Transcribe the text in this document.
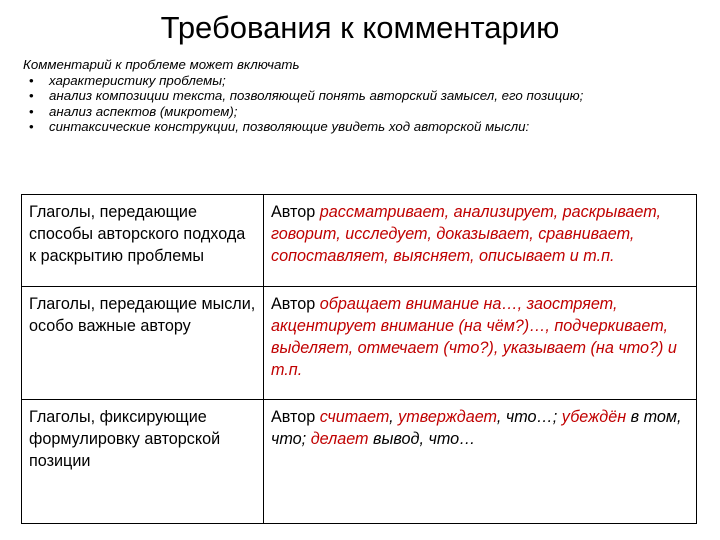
Требования к комментарию
Комментарий к проблеме может включать
• характеристику проблемы;
• анализ композиции текста, позволяющей понять авторский замысел, его позицию;
• анализ аспектов (микротем);
• синтаксические конструкции, позволяющие увидеть ход авторской мысли:
Глаголы, передающие способы авторского подхода к раскрытию проблемы	Автор рассматривает, анализирует, раскрывает, говорит, исследует, доказывает, сравнивает, сопоставляет, выясняет, описывает и т.п.
Глаголы, передающие мысли, особо важные автору	Автор обращает внимание на…, заостряет, акцентирует внимание (на чём?)…, подчеркивает, выделяет, отмечает (что?), указывает (на что?) и т.п.
Глаголы, фиксирующие формулировку авторской позиции	Автор считает, утверждает, что…; убеждён в том, что; делает вывод, что…
